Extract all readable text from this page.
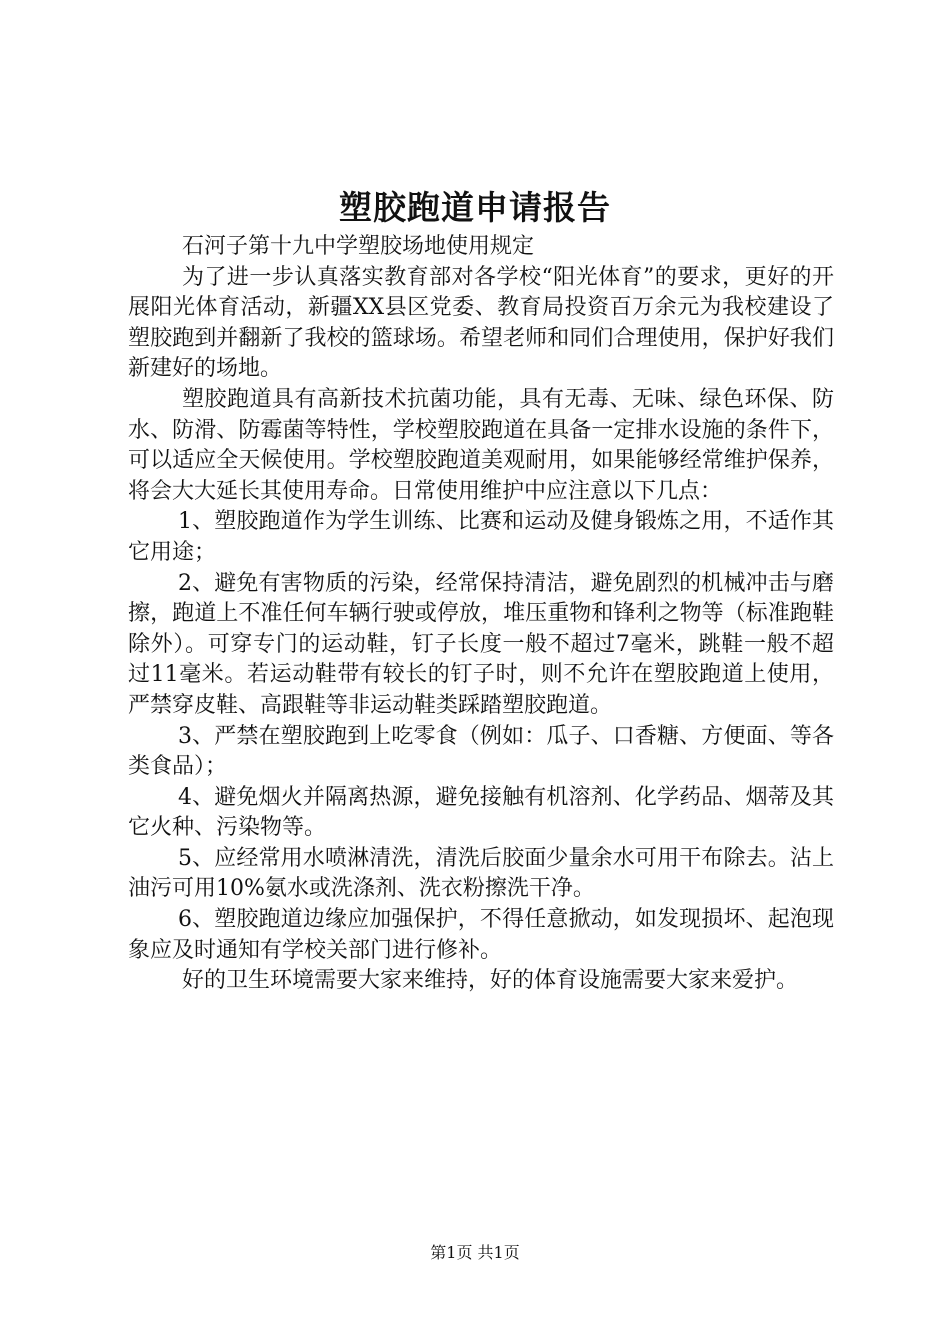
塑胶跑道申请报告

石河子第十九中学塑胶场地使用规定

为了进一步认真落实教育部对各学校“阳光体育”的要求，更好的开展阳光体育活动，新疆XX县区党委、教育局投资百万余元为我校建设了塑胶跑到并翻新了我校的篮球场。希望老师和同们合理使用，保护好我们新建好的场地。

塑胶跑道具有高新技术抗菌功能，具有无毒、无味、绿色环保、防水、防滑、防霉菌等特性，学校塑胶跑道在具备一定排水设施的条件下，可以适应全天候使用。学校塑胶跑道美观耐用，如果能够经常维护保养，将会大大延长其使用寿命。日常使用维护中应注意以下几点：

1、塑胶跑道作为学生训练、比赛和运动及健身锻炼之用，不适作其它用途；

2、避免有害物质的污染，经常保持清洁，避免剧烈的机械冲击与磨擦，跑道上不准任何车辆行驶或停放，堆压重物和锋利之物等（标准跑鞋除外）。可穿专门的运动鞋，钉子长度一般不超过7毫米，跳鞋一般不超过11毫米。若运动鞋带有较长的钉子时，则不允许在塑胶跑道上使用，严禁穿皮鞋、高跟鞋等非运动鞋类踩踏塑胶跑道。

3、严禁在塑胶跑到上吃零食（例如：瓜子、口香糖、方便面、等各类食品）；

4、避免烟火并隔离热源，避免接触有机溶剂、化学药品、烟蒂及其它火种、污染物等。

5、应经常用水喷淋清洗，清洗后胶面少量余水可用干布除去。沾上油污可用10%氨水或洗涤剂、洗衣粉擦洗干净。

6、塑胶跑道边缘应加强保护，不得任意掀动，如发现损坏、起泡现象应及时通知有学校关部门进行修补。

好的卫生环境需要大家来维持，好的体育设施需要大家来爱护。

第1页 共1页
